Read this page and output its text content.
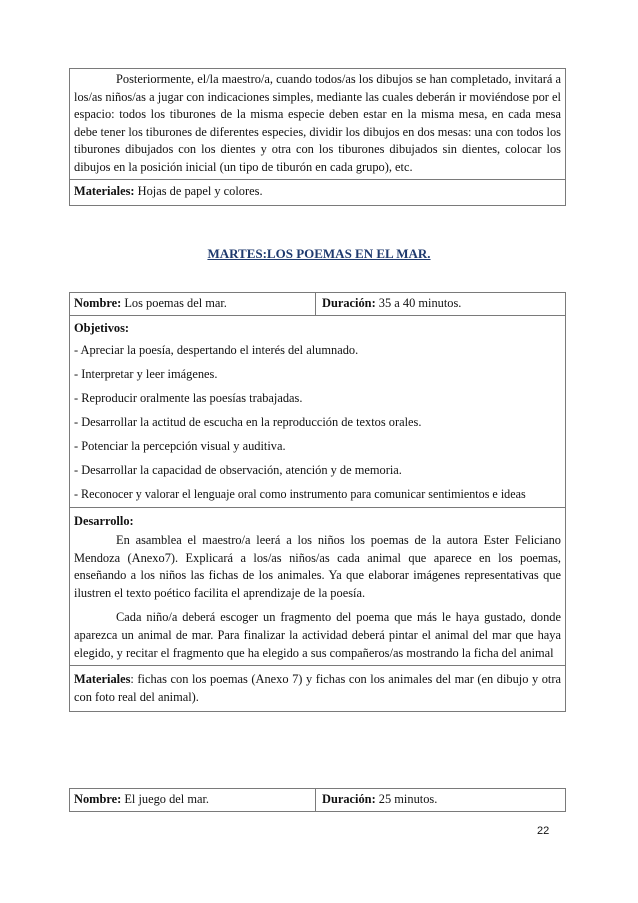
Posteriormente, el/la maestro/a, cuando todos/as los dibujos se han completado, invitará a los/as niños/as a jugar con indicaciones simples, mediante las cuales deberán ir moviéndose por el espacio: todos los tiburones de la misma especie deben estar en la misma mesa, en cada mesa debe tener los tiburones de diferentes especies, dividir los dibujos en dos mesas: una con todos los tiburones dibujados con los dientes y otra con los tiburones dibujados sin dientes, colocar los dibujos en la posición inicial (un tipo de tiburón en cada grupo), etc.

Materiales: Hojas de papel y colores.

MARTES:LOS POEMAS EN EL MAR.
Nombre: Los poemas del mar.	Duración: 35 a 40 minutos.

Objetivos:

- Apreciar la poesía, despertando el interés del alumnado.

- Interpretar y leer imágenes.

- Reproducir oralmente las poesías trabajadas.

- Desarrollar la actitud de escucha en la reproducción de textos orales.

- Potenciar la percepción visual y auditiva.

- Desarrollar la capacidad de observación, atención y de memoria.

- Reconocer y valorar el lenguaje oral como instrumento para comunicar sentimientos e ideas

Desarrollo:

En asamblea el maestro/a leerá a los niños los poemas de la autora Ester Feliciano Mendoza (Anexo7). Explicará a los/as niños/as cada animal que aparece en los poemas, enseñando a los niños las fichas de los animales. Ya que elaborar imágenes representativas que ilustren el texto poético facilita el aprendizaje de la poesía.

Cada niño/a deberá escoger un fragmento del poema que más le haya gustado, donde aparezca un animal de mar. Para finalizar la actividad deberá pintar el animal del mar que haya elegido, y recitar el fragmento que ha elegido a sus compañeros/as mostrando la ficha del animal

Materiales: fichas con los poemas (Anexo 7) y fichas con los animales del mar (en dibujo y otra con foto real del animal).

Nombre: El juego del mar.	Duración: 25 minutos.
22
